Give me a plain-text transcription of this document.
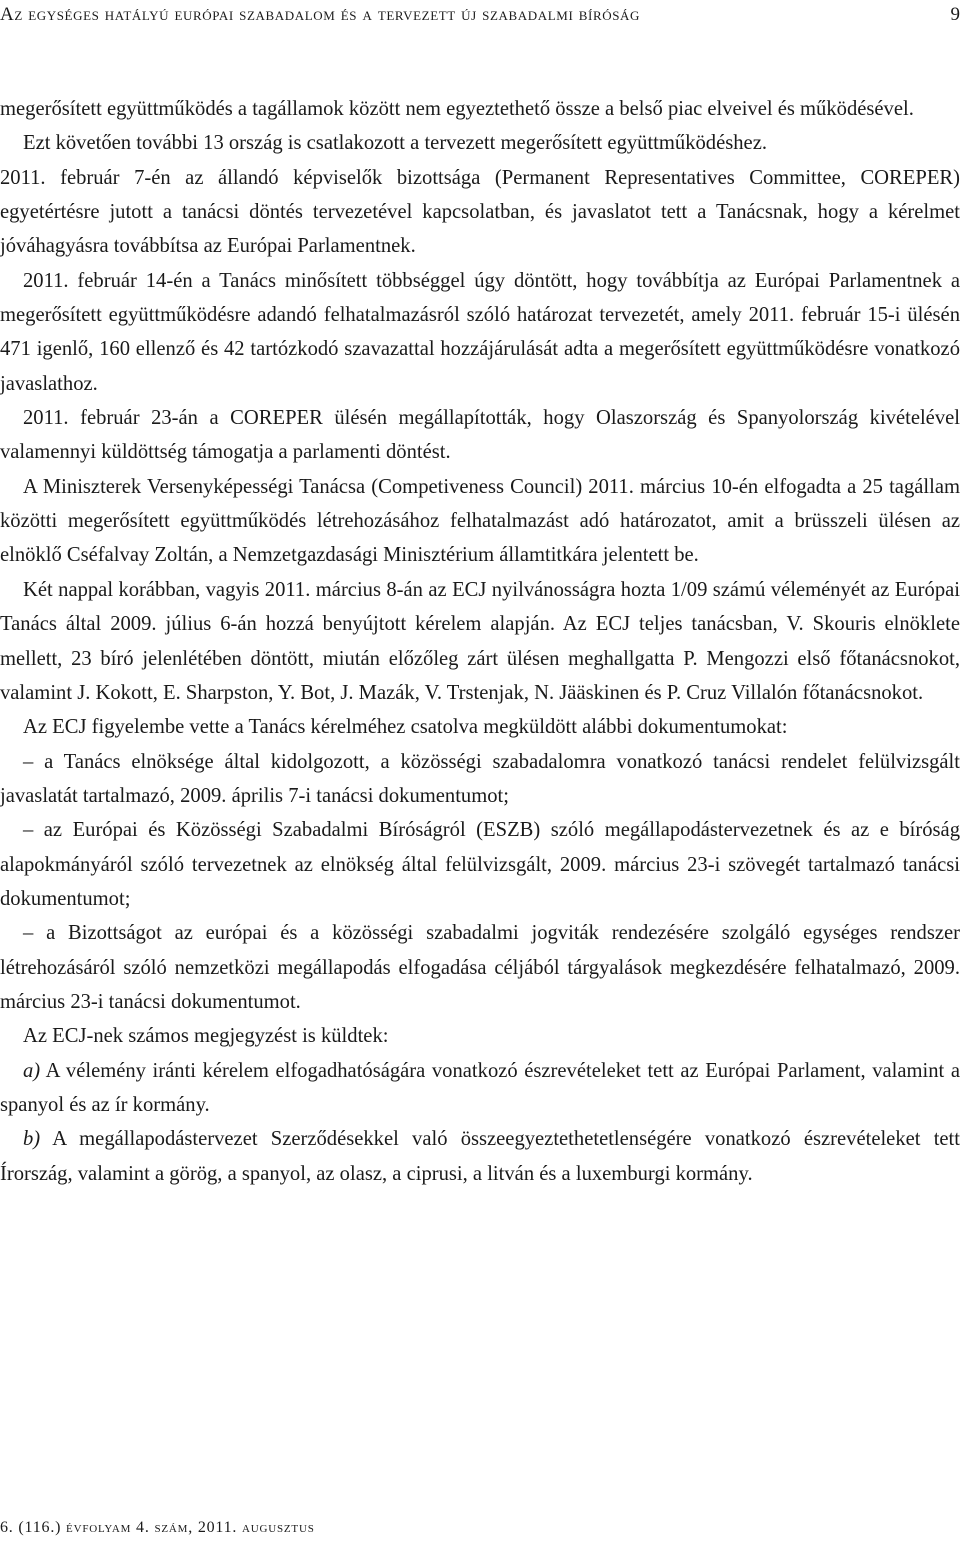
Az egységes hatályú európai szabadalom és a tervezett új szabadalmi bíróság	9

megerősített együttműködés a tagállamok között nem egyeztethető össze a belső piac elveivel és működésével.

Ezt követően további 13 ország is csatlakozott a tervezett megerősített együttműködéshez.

2011. február 7-én az állandó képviselők bizottsága (Permanent Representatives Committee, COREPER) egyetértésre jutott a tanácsi döntés tervezetével kapcsolatban, és javaslatot tett a Tanácsnak, hogy a kérelmet jóváhagyásra továbbítsa az Európai Parlamentnek.

2011. február 14-én a Tanács minősített többséggel úgy döntött, hogy továbbítja az Európai Parlamentnek a megerősített együttműködésre adandó felhatalmazásról szóló határozat tervezetét, amely 2011. február 15-i ülésén 471 igenlő, 160 ellenző és 42 tartózkodó szavazattal hozzájárulását adta a megerősített együttműködésre vonatkozó javaslathoz.

2011. február 23-án a COREPER ülésén megállapították, hogy Olaszország és Spanyolország kivételével valamennyi küldöttség támogatja a parlamenti döntést.

A Miniszterek Versenyképességi Tanácsa (Competiveness Council) 2011. március 10-én elfogadta a 25 tagállam közötti megerősített együttműködés létrehozásához felhatalmazást adó határozatot, amit a brüsszeli ülésen az elnöklő Cséfalvay Zoltán, a Nemzetgazdasági Minisztérium államtitkára jelentett be.

Két nappal korábban, vagyis 2011. március 8-án az ECJ nyilvánosságra hozta 1/09 számú véleményét az Európai Tanács által 2009. július 6-án hozzá benyújtott kérelem alapján. Az ECJ teljes tanácsban, V. Skouris elnöklete mellett, 23 bíró jelenlétében döntött, miután előzőleg zárt ülésen meghallgatta P. Mengozzi első főtanácsnokot, valamint J. Kokott, E. Sharpston, Y. Bot, J. Mazák, V. Trstenjak, N. Jääskinen és P. Cruz Villalón főtanácsnokot.

Az ECJ figyelembe vette a Tanács kérelméhez csatolva megküldött alábbi dokumentumokat:

– a Tanács elnöksége által kidolgozott, a közösségi szabadalomra vonatkozó tanácsi rendelet felülvizsgált javaslatát tartalmazó, 2009. április 7-i tanácsi dokumentumot;

– az Európai és Közösségi Szabadalmi Bíróságról (ESZB) szóló megállapodástervezetnek és az e bíróság alapokmányáról szóló tervezetnek az elnökség által felülvizsgált, 2009. március 23-i szövegét tartalmazó tanácsi dokumentumot;

– a Bizottságot az európai és a közösségi szabadalmi jogviták rendezésére szolgáló egységes rendszer létrehozásáról szóló nemzetközi megállapodás elfogadása céljából tárgyalások megkezdésére felhatalmazó, 2009. március 23-i tanácsi dokumentumot.

Az ECJ-nek számos megjegyzést is küldtek:

a) A vélemény iránti kérelem elfogadhatóságára vonatkozó észrevételeket tett az Európai Parlament, valamint a spanyol és az ír kormány.

b) A megállapodástervezet Szerződésekkel való összeegyeztethetetlenségére vonatkozó észrevételeket tett Írország, valamint a görög, a spanyol, az olasz, a ciprusi, a litván és a luxemburgi kormány.

6. (116.) évfolyam 4. szám, 2011. augusztus
